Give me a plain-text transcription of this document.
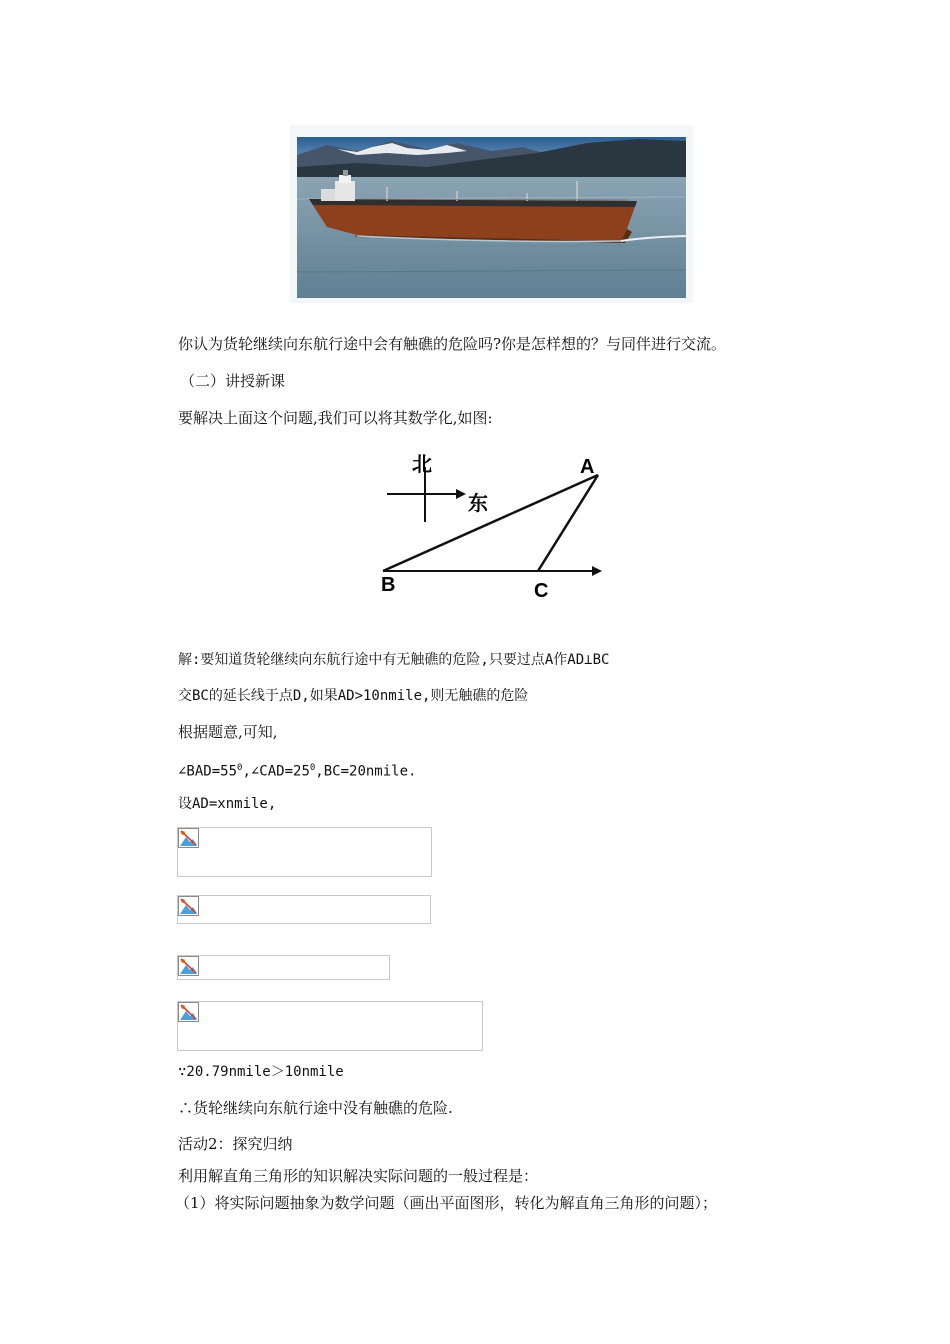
你认为货轮继续向东航行途中会有触礁的危险吗?你是怎样想的？与同伴进行交流。
（二）讲授新课
要解决上面这个问题,我们可以将其数学化,如图:
北
东
A
B	C
解:要知道货轮继续向东航行途中有无触礁的危险,只要过点A作AD⊥BC
交BC的延长线于点D,如果AD>10nmile,则无触礁的危险
根据题意,可知,
$\angle BAD=55^0,\angle CAD=25^0,BC=20nmile$.
设AD=xnmile,
∵20.79nmile＞10nmile
∴货轮继续向东航行途中没有触礁的危险.
活动2：探究归纳
利用解直角三角形的知识解决实际问题的一般过程是：
（1）将实际问题抽象为数学问题（画出平面图形，转化为解直角三角形的问题）；
